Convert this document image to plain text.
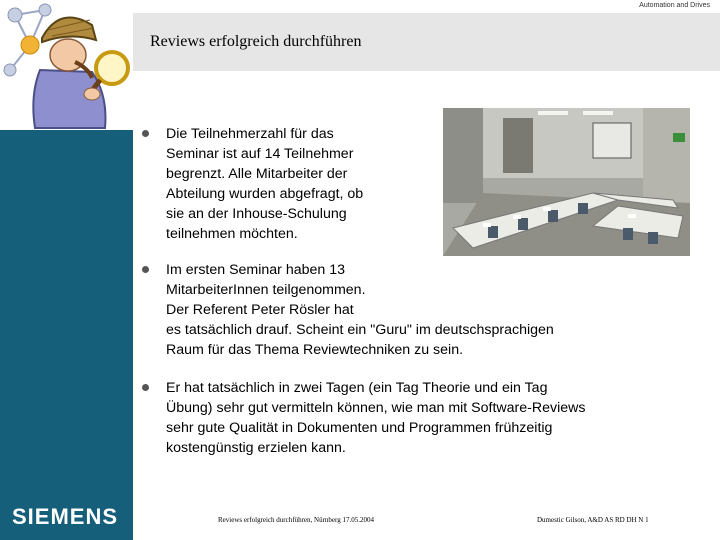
Automation and Drives
Reviews erfolgreich durchführen
Die Teilnehmerzahl für das
Seminar ist auf 14 Teilnehmer
begrenzt. Alle Mitarbeiter der
Abteilung wurden abgefragt, ob
sie an der Inhouse-Schulung
teilnehmen möchten.
Im ersten Seminar haben 13
MitarbeiterInnen teilgenommen.
Der Referent Peter Rösler hat
es tatsächlich drauf. Scheint ein "Guru" im deutschsprachigen
Raum für das Thema Reviewtechniken zu sein.
Er hat tatsächlich in zwei Tagen (ein Tag Theorie und ein Tag
Übung) sehr gut vermitteln können, wie man mit Software-Reviews
sehr gute Qualität in Dokumenten und Programmen frühzeitig
kostengünstig erzielen kann.
SIEMENS	Reviews erfolgreich durchführen, Nürnberg 17.05.2004	Dumestic Gilson, A&D AS RD DH N 1
